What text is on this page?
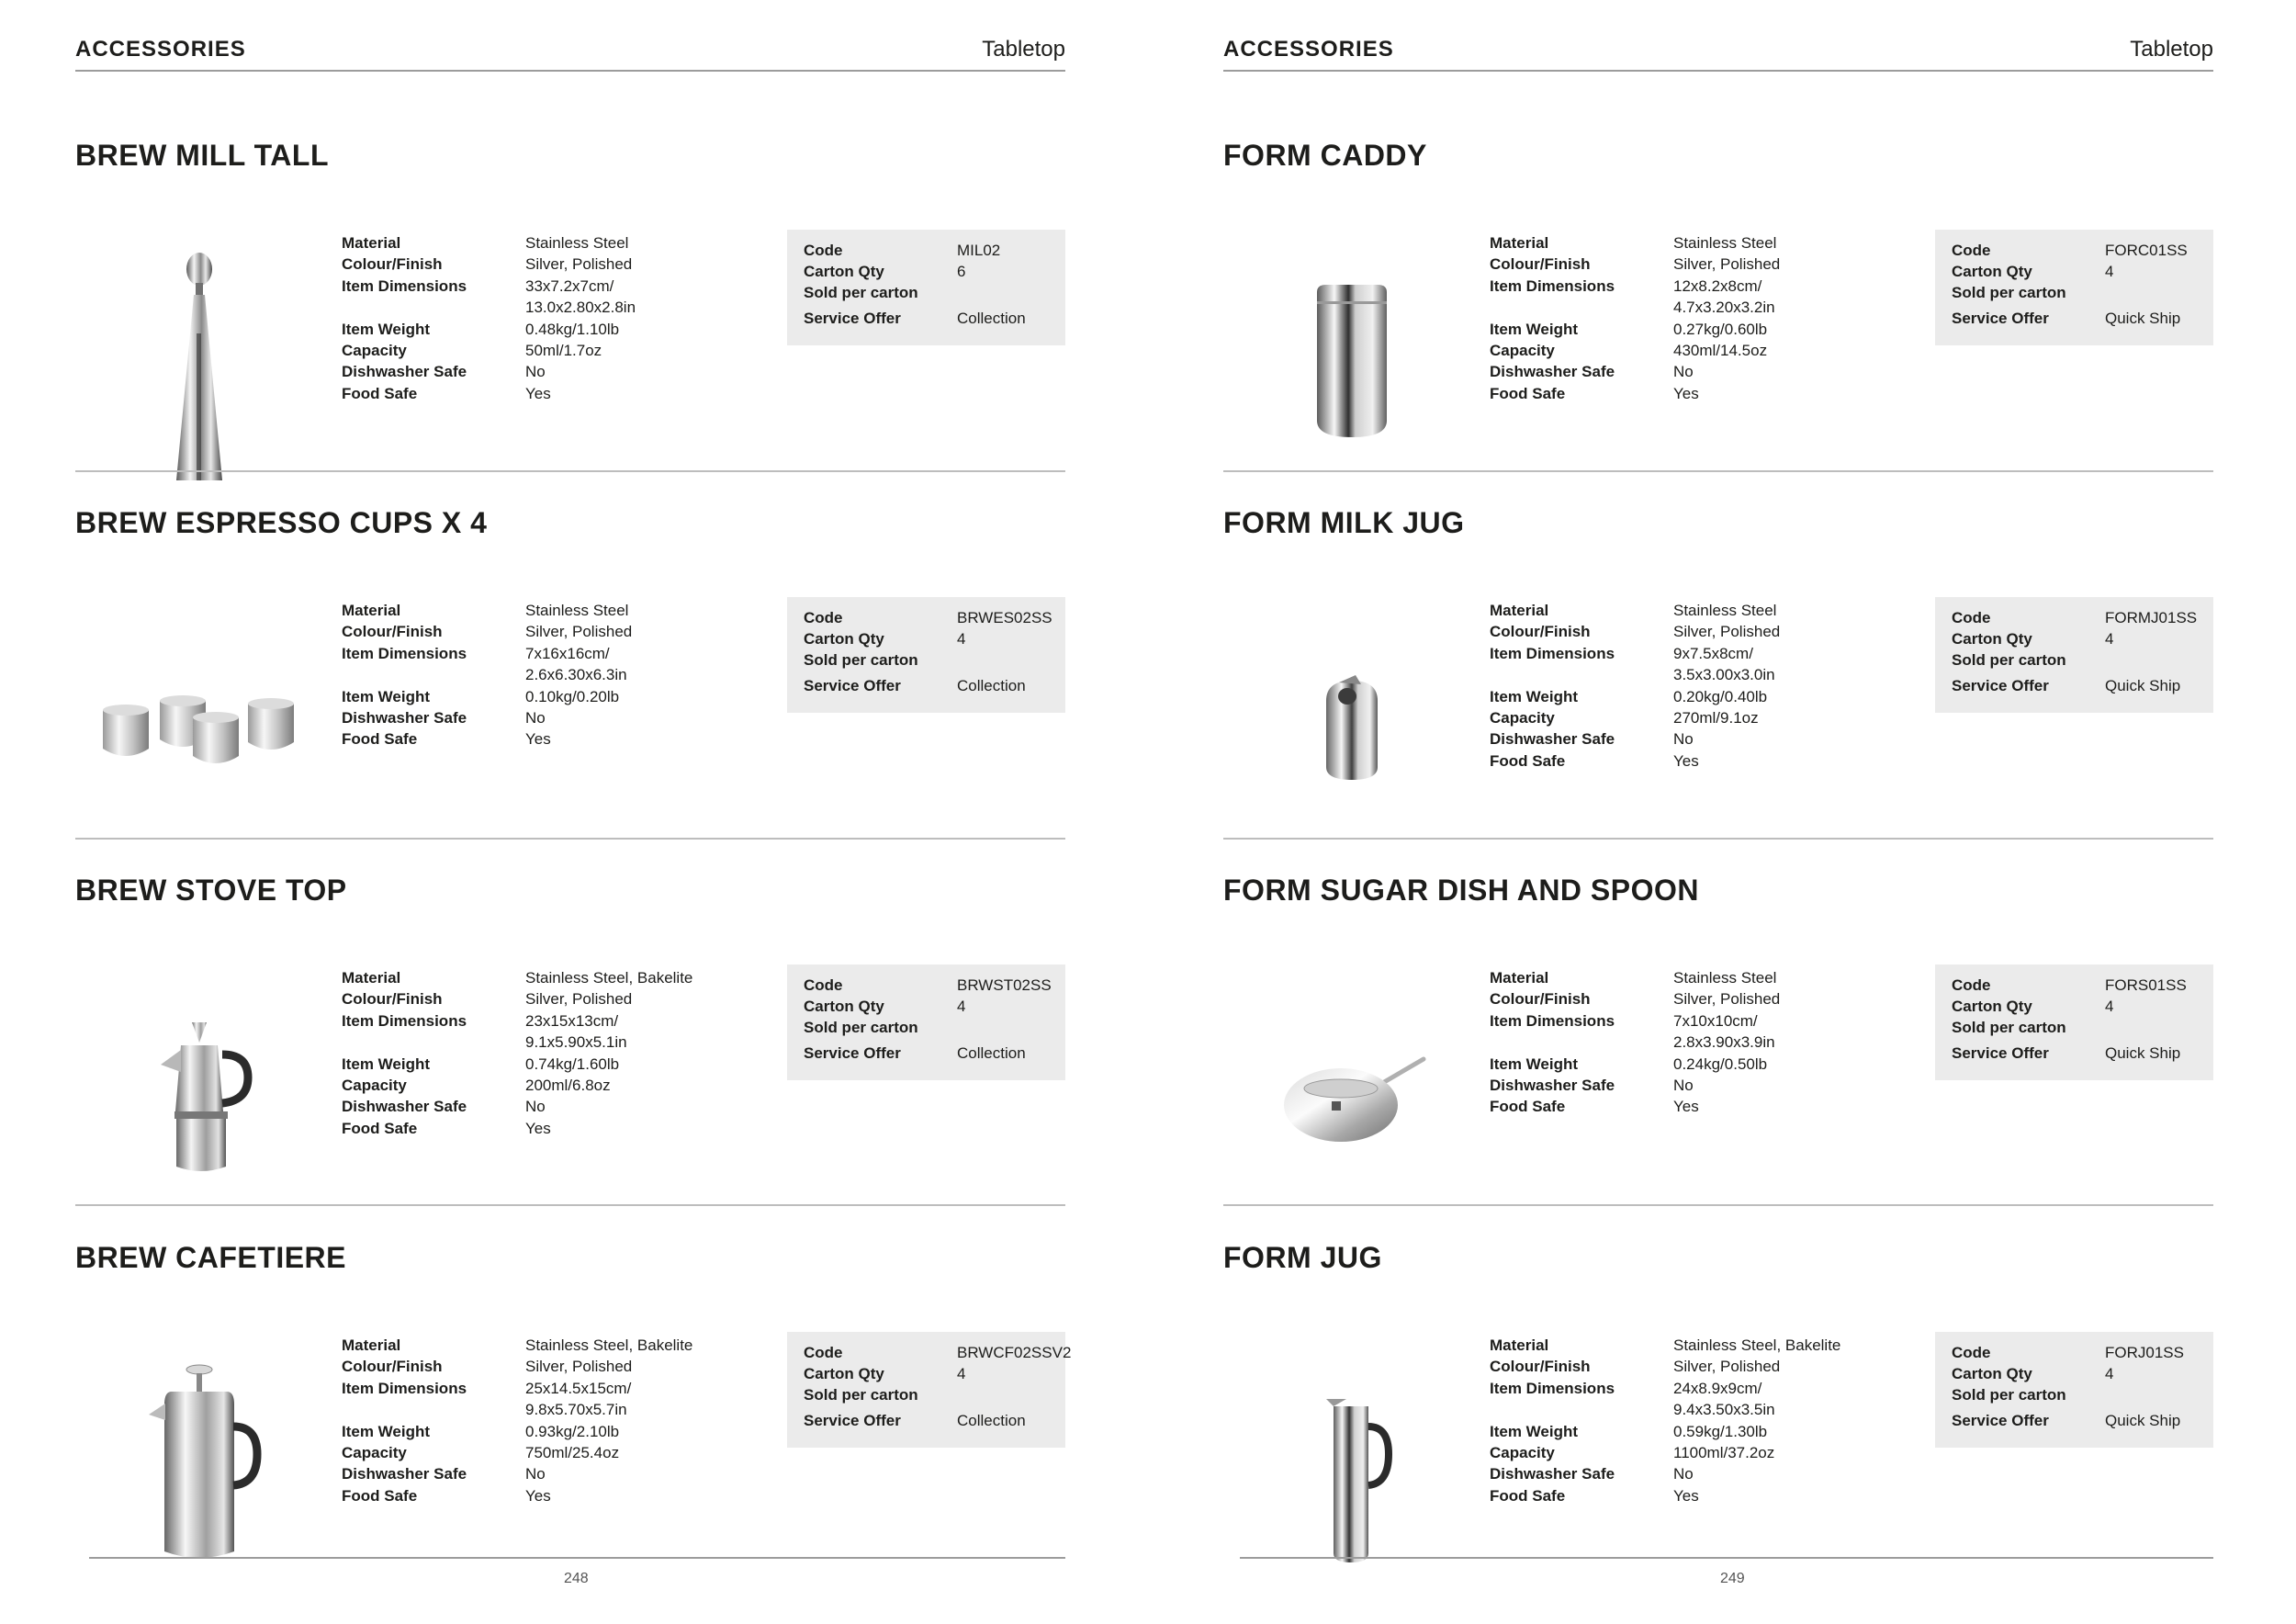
ACCESSORIES	Tabletop
BREW MILL TALL
Material	Stainless Steel
Colour/Finish	Silver, Polished
Item Dimensions	33x7.2x7cm/
13.0x2.80x2.8in
Item Weight	0.48kg/1.10lb
Capacity	50ml/1.7oz
Dishwasher Safe	No
Food Safe	Yes
Code	MIL02
Carton Qty	6
Sold per carton
Service Offer	Collection
BREW ESPRESSO CUPS X 4
Material	Stainless Steel
Colour/Finish	Silver, Polished
Item Dimensions	7x16x16cm/
2.6x6.30x6.3in
Item Weight	0.10kg/0.20lb
Dishwasher Safe	No
Food Safe	Yes
Code	BRWES02SS
Carton Qty	4
Sold per carton
Service Offer	Collection
BREW STOVE TOP
Material	Stainless Steel, Bakelite
Colour/Finish	Silver, Polished
Item Dimensions	23x15x13cm/
9.1x5.90x5.1in
Item Weight	0.74kg/1.60lb
Capacity	200ml/6.8oz
Dishwasher Safe	No
Food Safe	Yes
Code	BRWST02SS
Carton Qty	4
Sold per carton
Service Offer	Collection
BREW CAFETIERE
Material	Stainless Steel, Bakelite
Colour/Finish	Silver, Polished
Item Dimensions	25x14.5x15cm/
9.8x5.70x5.7in
Item Weight	0.93kg/2.10lb
Capacity	750ml/25.4oz
Dishwasher Safe	No
Food Safe	Yes
Code	BRWCF02SSV2
Carton Qty	4
Sold per carton
Service Offer	Collection
248
ACCESSORIES	Tabletop
FORM CADDY
Material	Stainless Steel
Colour/Finish	Silver, Polished
Item Dimensions	12x8.2x8cm/
4.7x3.20x3.2in
Item Weight	0.27kg/0.60lb
Capacity	430ml/14.5oz
Dishwasher Safe	No
Food Safe	Yes
Code	FORC01SS
Carton Qty	4
Sold per carton
Service Offer	Quick Ship
FORM MILK JUG
Material	Stainless Steel
Colour/Finish	Silver, Polished
Item Dimensions	9x7.5x8cm/
3.5x3.00x3.0in
Item Weight	0.20kg/0.40lb
Capacity	270ml/9.1oz
Dishwasher Safe	No
Food Safe	Yes
Code	FORMJ01SS
Carton Qty	4
Sold per carton
Service Offer	Quick Ship
FORM SUGAR DISH AND SPOON
Material	Stainless Steel
Colour/Finish	Silver, Polished
Item Dimensions	7x10x10cm/
2.8x3.90x3.9in
Item Weight	0.24kg/0.50lb
Dishwasher Safe	No
Food Safe	Yes
Code	FORS01SS
Carton Qty	4
Sold per carton
Service Offer	Quick Ship
FORM JUG
Material	Stainless Steel, Bakelite
Colour/Finish	Silver, Polished
Item Dimensions	24x8.9x9cm/
9.4x3.50x3.5in
Item Weight	0.59kg/1.30lb
Capacity	1100ml/37.2oz
Dishwasher Safe	No
Food Safe	Yes
Code	FORJ01SS
Carton Qty	4
Sold per carton
Service Offer	Quick Ship
249
